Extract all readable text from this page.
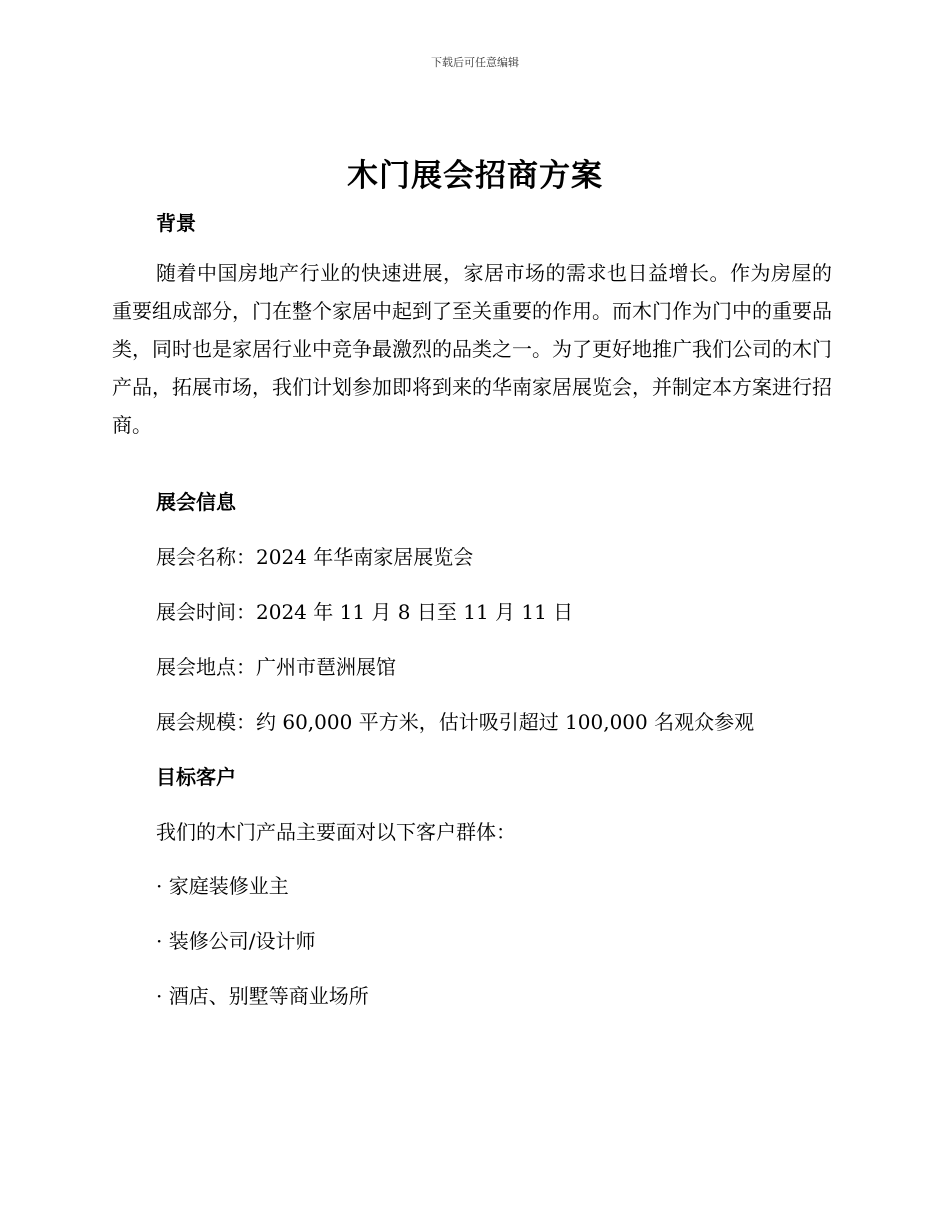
下载后可任意编辑
木门展会招商方案
背景

随着中国房地产行业的快速进展，家居市场的需求也日益增长。作为房屋的重要组成部分，门在整个家居中起到了至关重要的作用。而木门作为门中的重要品类，同时也是家居行业中竞争最激烈的品类之一。为了更好地推广我们公司的木门产品，拓展市场，我们计划参加即将到来的华南家居展览会，并制定本方案进行招商。

展会信息

展会名称：2024 年华南家居展览会

展会时间：2024 年 11 月 8 日至 11 月 11 日

展会地点：广州市琶洲展馆

展会规模：约 60,000 平方米，估计吸引超过 100,000 名观众参观

目标客户

我们的木门产品主要面对以下客户群体：

· 家庭装修业主

· 装修公司/设计师

· 酒店、别墅等商业场所
